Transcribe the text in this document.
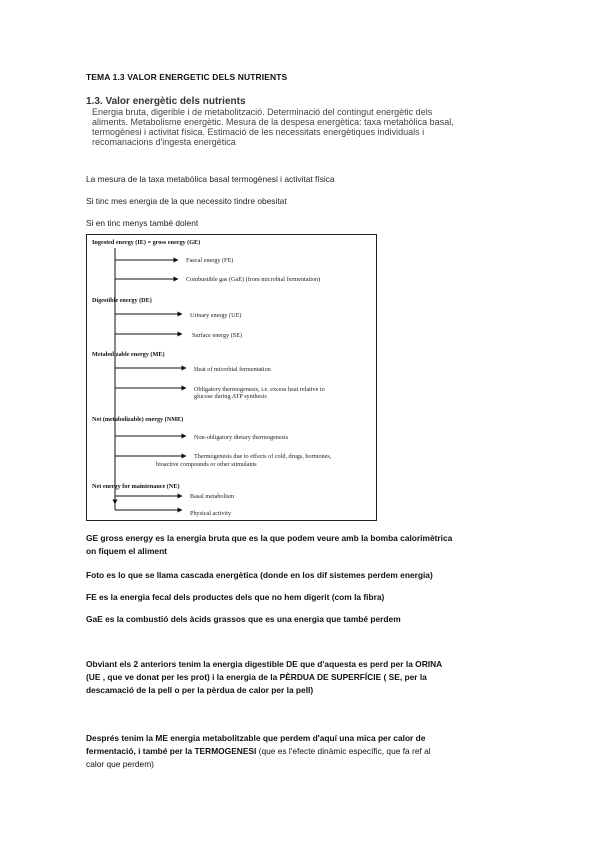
TEMA 1.3 VALOR ENERGETIC DELS NUTRIENTS
1.3. Valor energètic dels nutrients
Energia bruta, digerible i de metabolització. Determinació del contingut energètic dels
aliments. Metabolisme energètic. Mesura de la despesa energètica: taxa metabòlica basal,
termogènesi i activitat física. Estimació de les necessitats energètiques individuals i
recomanacions d'ingesta energètica
La mesura de la taxa metabòlica basal termogènesi i activitat física
Si tinc mes energia de la que necessito tindre obesitat
Si en tinc menys també dolent
Ingested energy (IE) = gross energy (GE)
Faecal energy (FE)
Combustible gas (GaE) (from microbial fermentation)
Digestible energy (DE)
Urinary energy (UE)
Surface energy (SE)
Metabolizable energy (ME)
Heat of microbial fermentation
Obligatory thermogenesis, i.e. excess heat relative to
glucose during ATP synthesis
Net (metabolizable) energy (NME)
Non-obligatory dietary thermogenesis
Thermogenesis due to effects of cold, drugs, hormones,
bioactive compounds or other stimulants
Net energy for maintenance (NE)
Basal metabolism
Physical activity
GE gross energy es la energia bruta que es la que podem veure amb la bomba calorimètrica
on fiquem el aliment
Foto es lo que se llama cascada energètica (donde en los dif sistemes perdem energia)
FE es la energia fecal dels productes dels que no hem digerit (com la fibra)
GaE es la combustió dels àcids grassos que es una energia que també perdem
Obviant els 2 anteriors tenim la energia digestible DE que d'aquesta es perd per la ORINA
(UE , que ve donat per les prot) i la energia de la PÈRDUA DE SUPERFÍCIE ( SE, per la
descamació de la pell o per la pèrdua de calor per la pell)
Després tenim la ME energia metabolitzable que perdem d'aquí una mica per calor de
fermentació, i també per la TERMOGENESI (que es l'efecte dinàmic específic, que fa ref al
calor que perdem)
